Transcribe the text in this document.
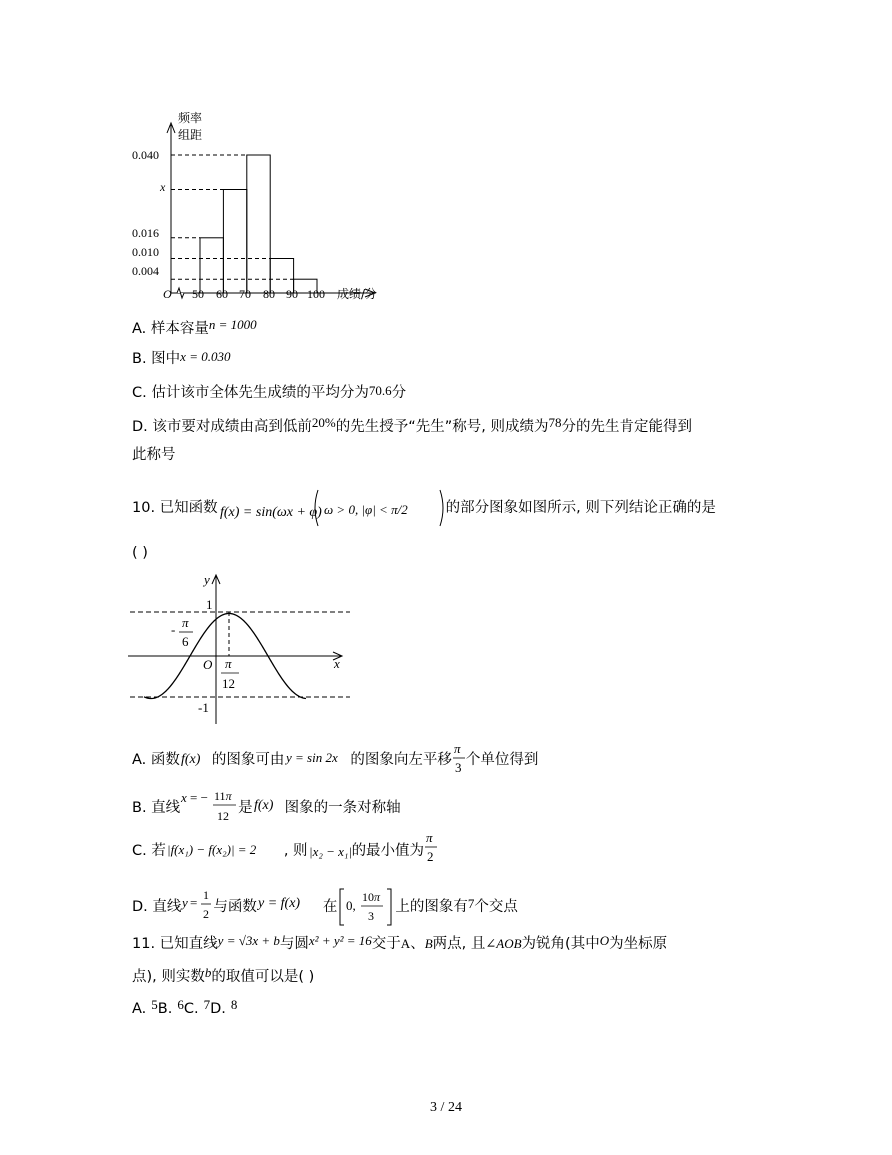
频率
组距
0.040
x
0.016
0.010
0.004
O 50 60 70 80 90 100 成绩/分
A. 样本容量n = 1000
B. 图中x = 0.030
C. 估计该市全体先生成绩的平均分为70.6分
D. 该市要对成绩由高到低前20%的先生授予“先生”称号, 则成绩为78分的先生肯定能得到
此称号
10. 已知函数 f(x) = sin(ωx + φ) ω > 0, |φ| < π/2	的部分图象如图所示, 则下列结论正确的是
( )
y
x
1
-1
O
- π
6
π
12
A. 函数 f(x) 的图象可由 y = sin 2x 的图象向左平移
π
3 个单位得到
B. 直线
x = − 11π
12 是 f(x) 图象的一条对称轴
C. 若 |f(x₁) − f(x₂)| = 2 , 则 |x₂ − x₁| 的最小值为
π
2
D. 直线 y = 1
2 与函数 y = f(x) 在 0,
10π
3
上的图象有7个交点
11. 已知直线y = √3x + b与圆x² + y² = 16交于A、B两点, 且∠AOB为锐角(其中O为坐标原
点), 则实数b的取值可以是( )
A. 5B. 6C. 7D. 8
3 / 24
